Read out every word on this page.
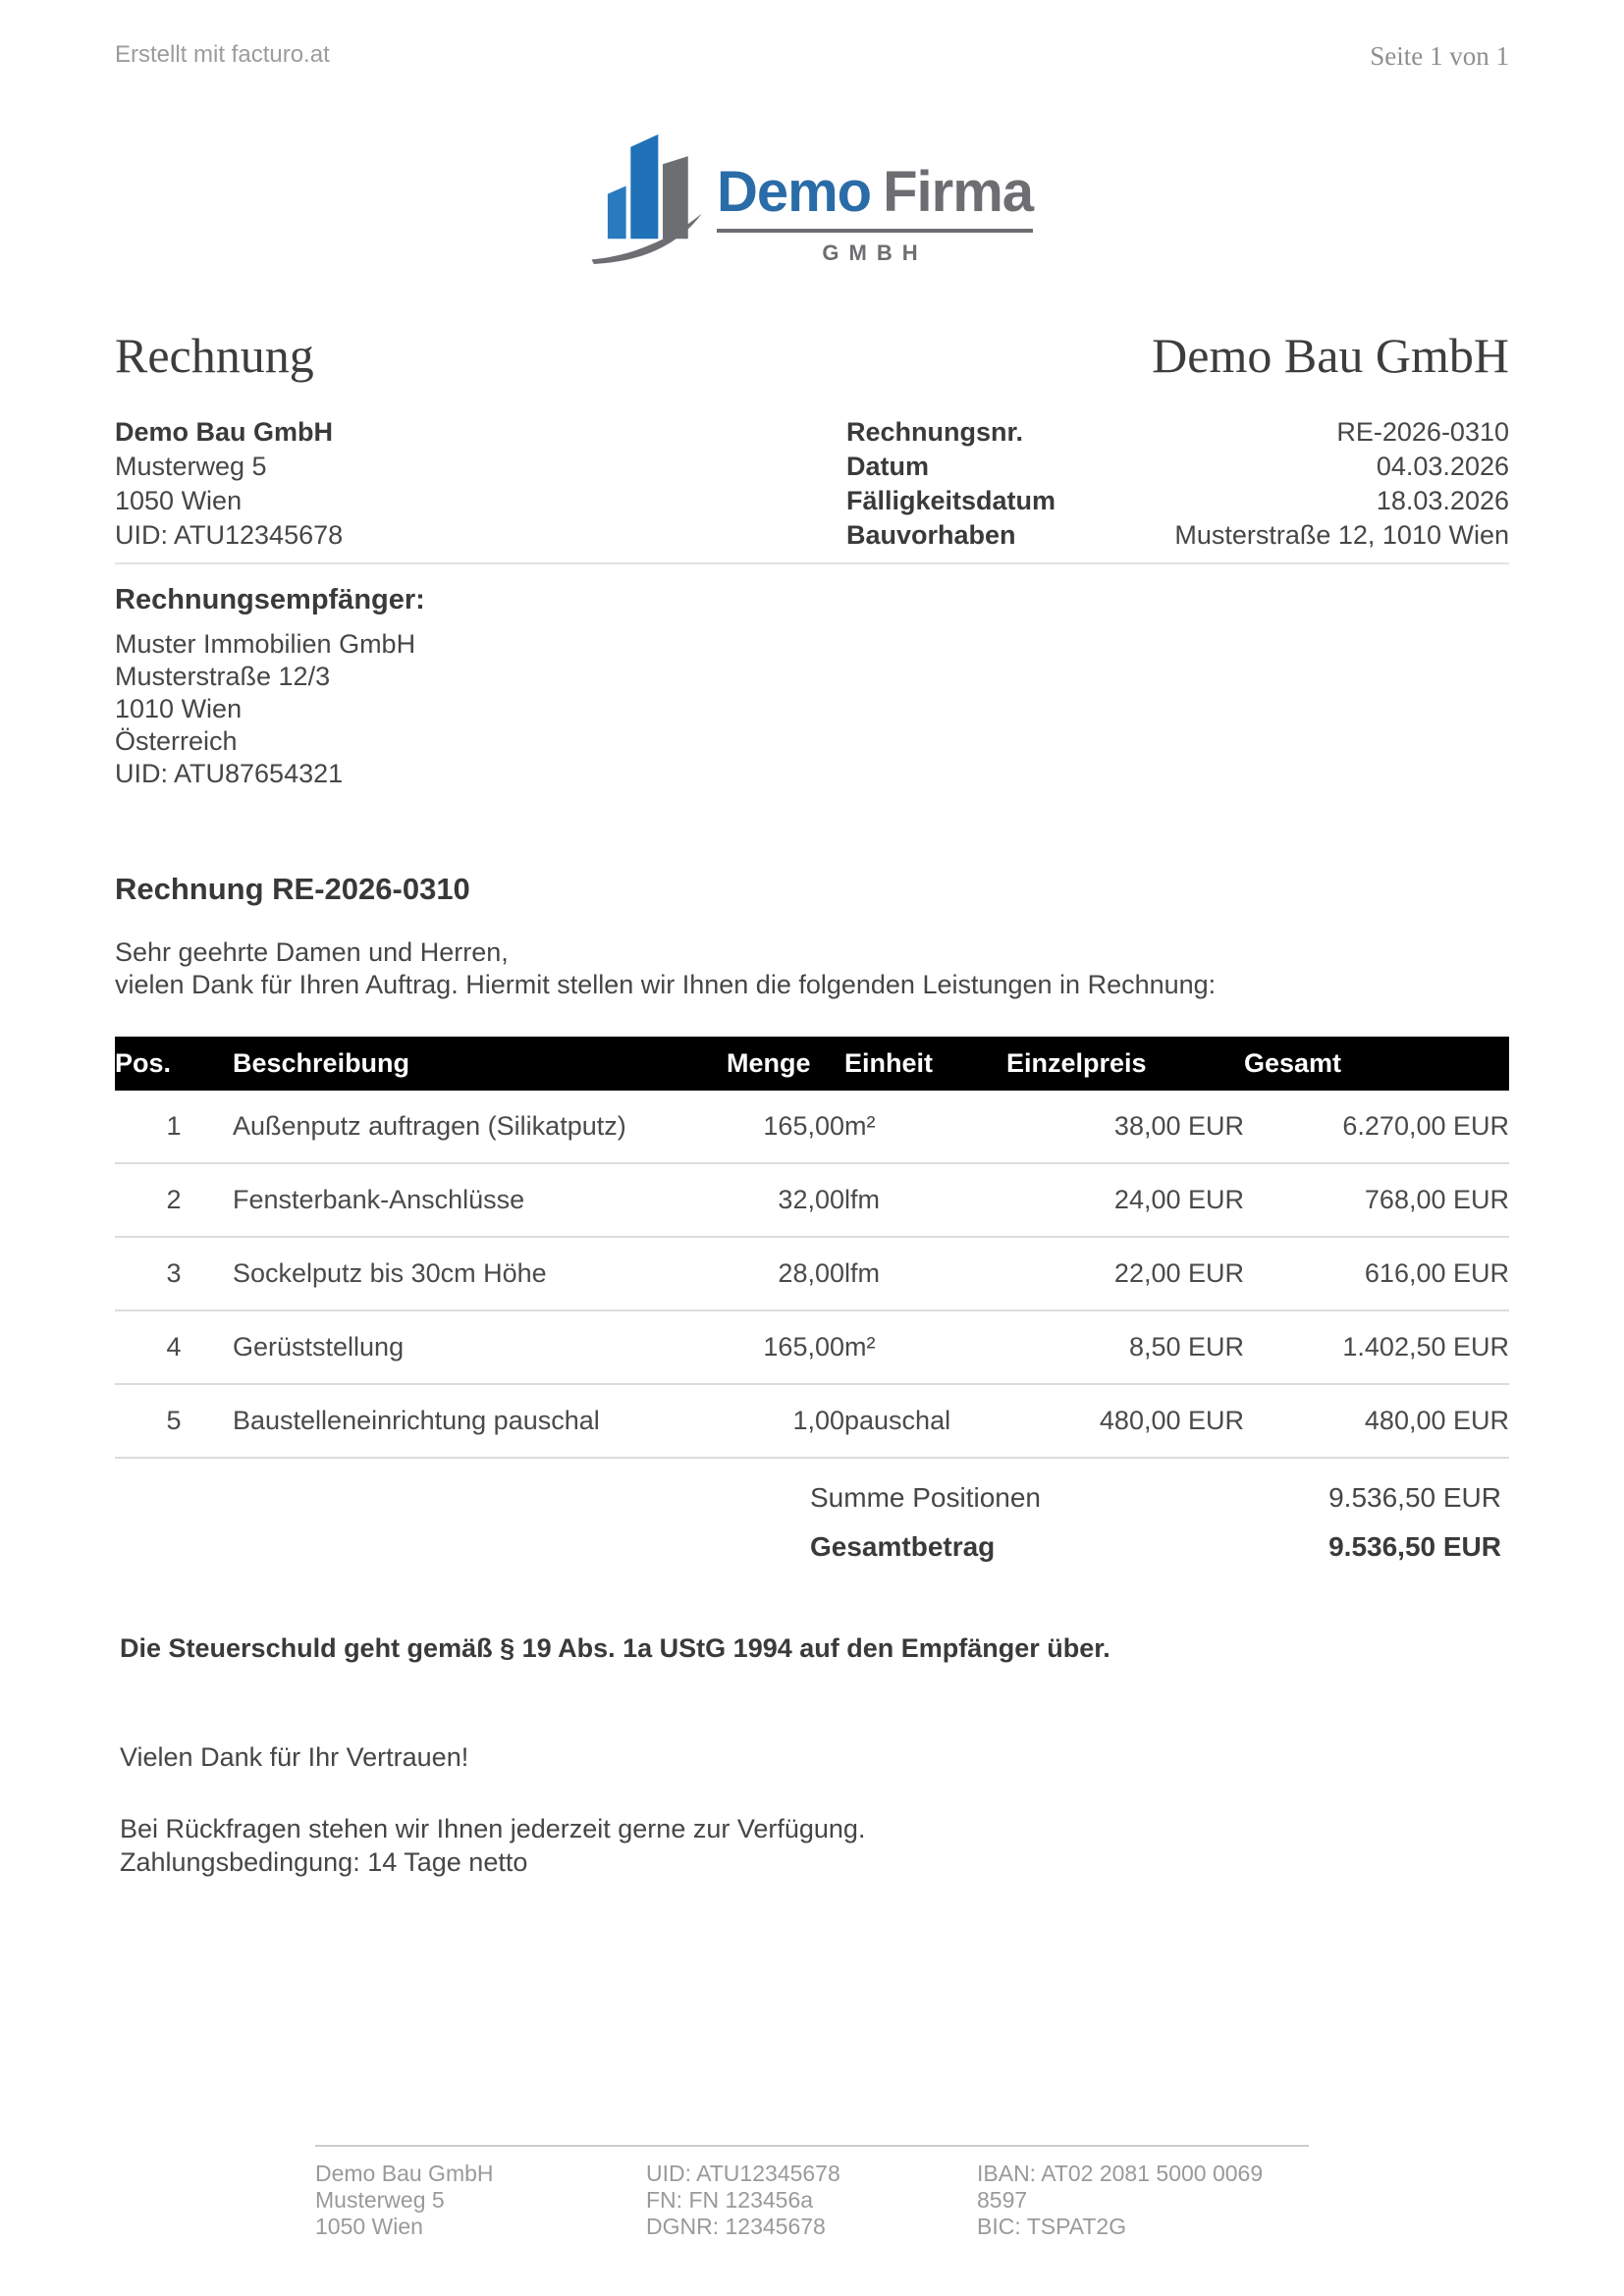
Erstellt mit facturo.at	Seite 1 von 1
Demo Firma
GMBH
Rechnung	Demo Bau GmbH
Demo Bau GmbH
Musterweg 5
1050 Wien
UID: ATU12345678
Rechnungsnr.	RE-2026-0310
Datum	04.03.2026
Fälligkeitsdatum	18.03.2026
Bauvorhaben	Musterstraße 12, 1010 Wien
Rechnungsempfänger:
Muster Immobilien GmbH
Musterstraße 12/3
1010 Wien
Österreich
UID: ATU87654321
Rechnung RE-2026-0310
Sehr geehrte Damen und Herren,
vielen Dank für Ihren Auftrag. Hiermit stellen wir Ihnen die folgenden Leistungen in Rechnung:
Pos.	Beschreibung	Menge	Einheit	Einzelpreis	Gesamt
1	Außenputz auftragen (Silikatputz)	165,00	m²	38,00 EUR	6.270,00 EUR
2	Fensterbank-Anschlüsse	32,00	lfm	24,00 EUR	768,00 EUR
3	Sockelputz bis 30cm Höhe	28,00	lfm	22,00 EUR	616,00 EUR
4	Gerüststellung	165,00	m²	8,50 EUR	1.402,50 EUR
5	Baustelleneinrichtung pauschal	1,00	pauschal	480,00 EUR	480,00 EUR
Summe Positionen	9.536,50 EUR
Gesamtbetrag	9.536,50 EUR
Die Steuerschuld geht gemäß § 19 Abs. 1a UStG 1994 auf den Empfänger über.
Vielen Dank für Ihr Vertrauen!
Bei Rückfragen stehen wir Ihnen jederzeit gerne zur Verfügung.
Zahlungsbedingung: 14 Tage netto
Demo Bau GmbH
Musterweg 5
1050 Wien
UID: ATU12345678
FN: FN 123456a
DGNR: 12345678
IBAN: AT02 2081 5000 0069 8597
BIC: TSPAT2G
